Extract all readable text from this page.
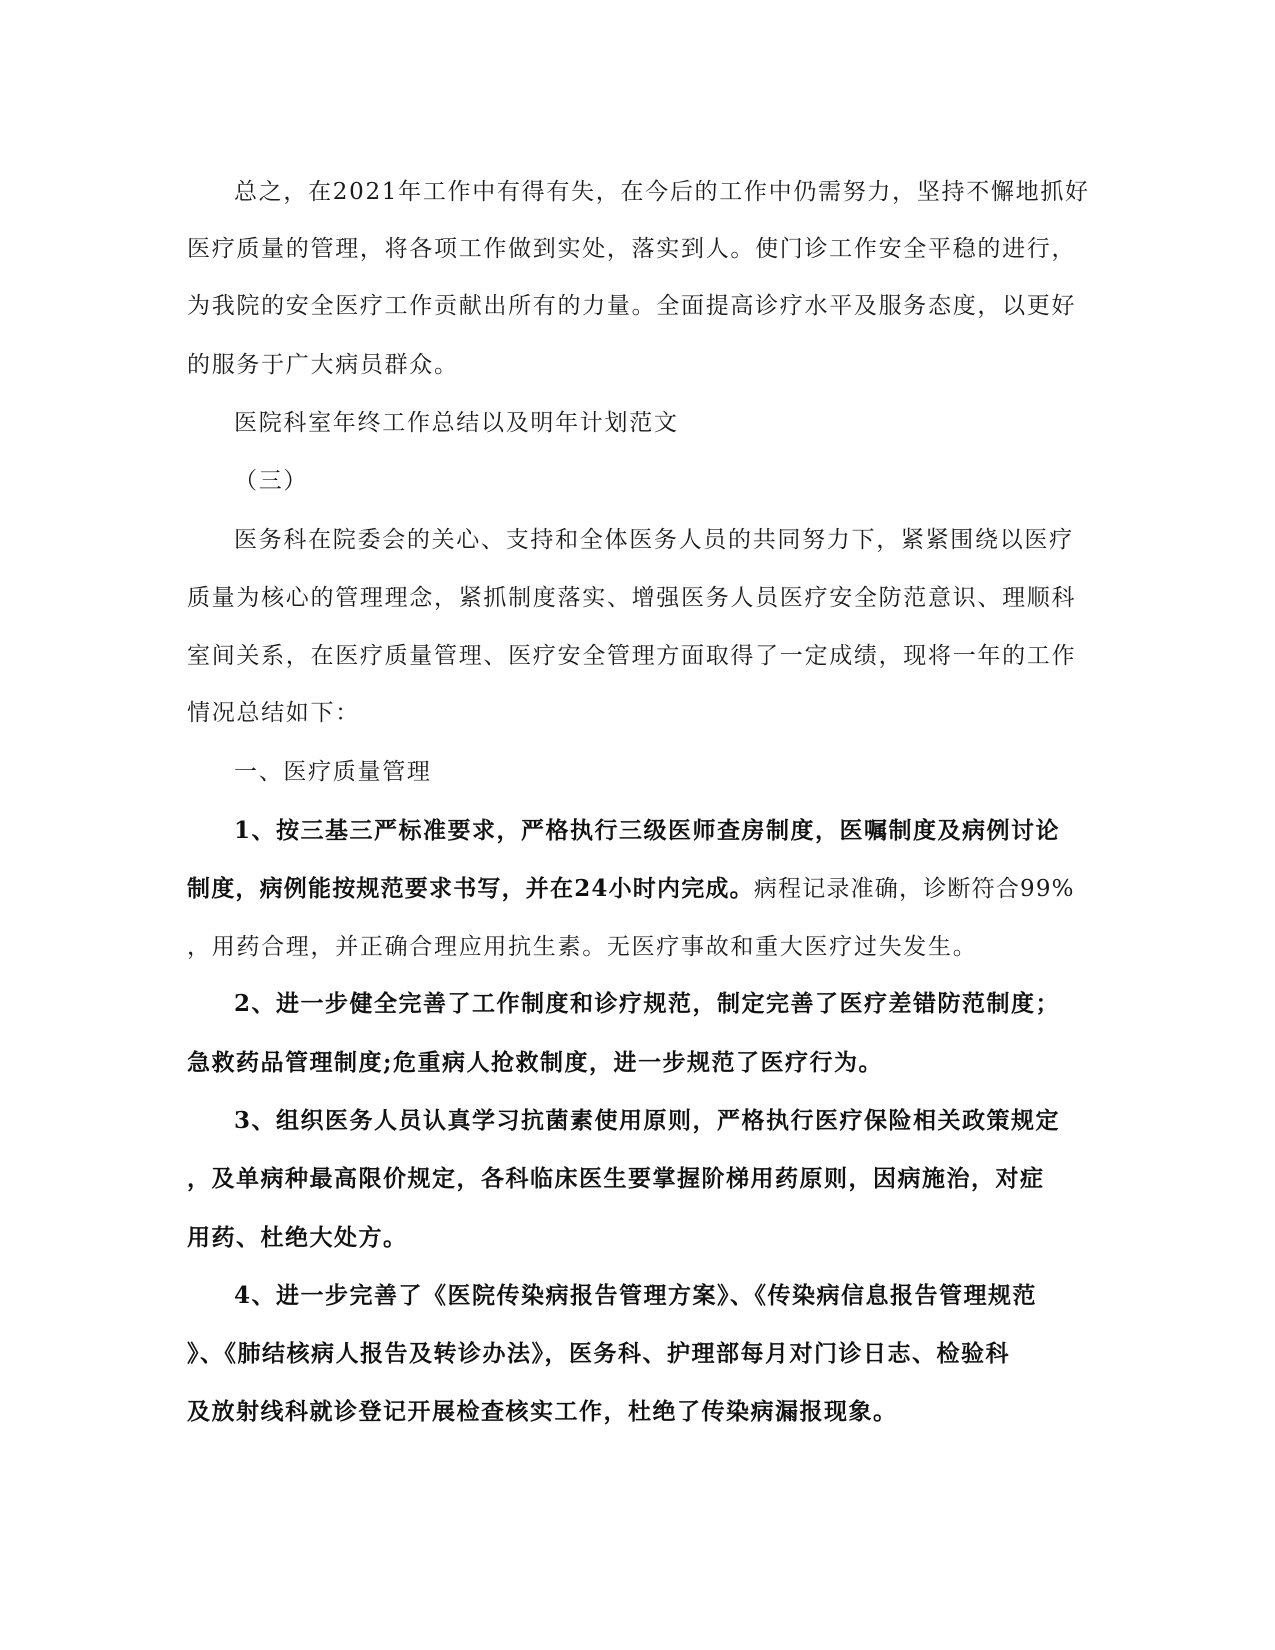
总之，在2021年工作中有得有失，在今后的工作中仍需努力，坚持不懈地抓好
医疗质量的管理，将各项工作做到实处，落实到人。使门诊工作安全平稳的进行，
为我院的安全医疗工作贡献出所有的力量。全面提高诊疗水平及服务态度，以更好
的服务于广大病员群众。
医院科室年终工作总结以及明年计划范文
（三）
医务科在院委会的关心、支持和全体医务人员的共同努力下，紧紧围绕以医疗
质量为核心的管理理念，紧抓制度落实、增强医务人员医疗安全防范意识、理顺科
室间关系，在医疗质量管理、医疗安全管理方面取得了一定成绩，现将一年的工作
情况总结如下：
一、医疗质量管理
1、按三基三严标准要求，严格执行三级医师查房制度，医嘱制度及病例讨论
制度，病例能按规范要求书写，并在24小时内完成。病程记录准确，诊断符合99%
，用药合理，并正确合理应用抗生素。无医疗事故和重大医疗过失发生。
2、进一步健全完善了工作制度和诊疗规范，制定完善了医疗差错防范制度；
急救药品管理制度;危重病人抢救制度，进一步规范了医疗行为。
3、组织医务人员认真学习抗菌素使用原则，严格执行医疗保险相关政策规定
，及单病种最高限价规定，各科临床医生要掌握阶梯用药原则，因病施治，对症
用药、杜绝大处方。
4、进一步完善了《医院传染病报告管理方案》、《传染病信息报告管理规范
》、《肺结核病人报告及转诊办法》，医务科、护理部每月对门诊日志、检验科
及放射线科就诊登记开展检查核实工作，杜绝了传染病漏报现象。
